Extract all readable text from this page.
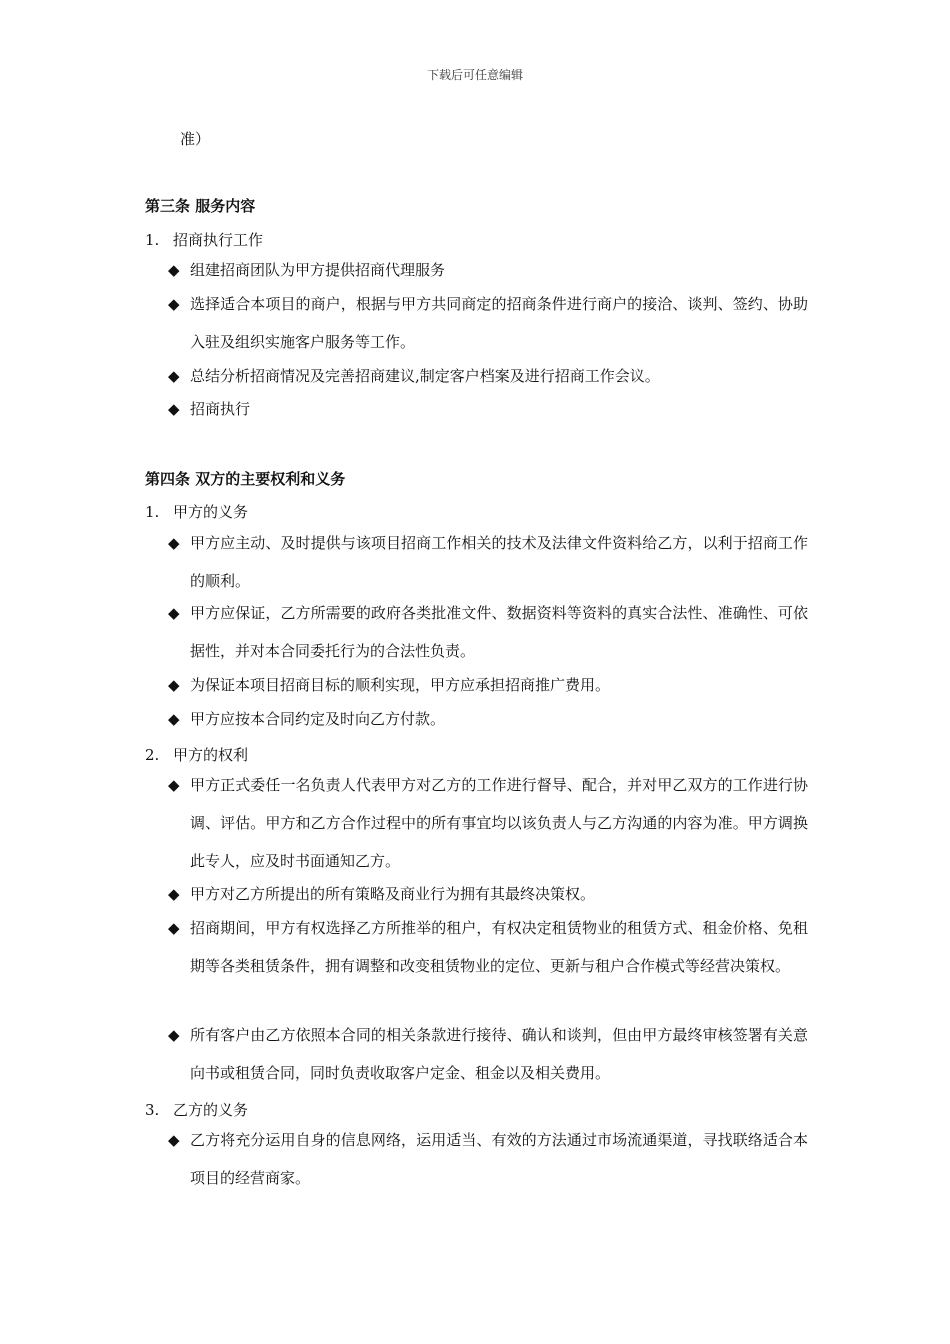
下载后可任意编辑
准）
第三条 服务内容
1. 招商执行工作
◆ 组建招商团队为甲方提供招商代理服务
◆ 选择适合本项目的商户，根据与甲方共同商定的招商条件进行商户的接洽、谈判、签约、协助入驻及组织实施客户服务等工作。
◆ 总结分析招商情况及完善招商建议,制定客户档案及进行招商工作会议。
◆ 招商执行
第四条 双方的主要权利和义务
1. 甲方的义务
◆ 甲方应主动、及时提供与该项目招商工作相关的技术及法律文件资料给乙方，以利于招商工作的顺利。
◆ 甲方应保证，乙方所需要的政府各类批准文件、数据资料等资料的真实合法性、准确性、可依据性，并对本合同委托行为的合法性负责。
◆ 为保证本项目招商目标的顺利实现，甲方应承担招商推广费用。
◆ 甲方应按本合同约定及时向乙方付款。
2. 甲方的权利
◆ 甲方正式委任一名负责人代表甲方对乙方的工作进行督导、配合，并对甲乙双方的工作进行协调、评估。甲方和乙方合作过程中的所有事宜均以该负责人与乙方沟通的内容为准。甲方调换此专人，应及时书面通知乙方。
◆ 甲方对乙方所提出的所有策略及商业行为拥有其最终决策权。
◆ 招商期间，甲方有权选择乙方所推举的租户，有权决定租赁物业的租赁方式、租金价格、免租期等各类租赁条件，拥有调整和改变租赁物业的定位、更新与租户合作模式等经营决策权。
◆ 所有客户由乙方依照本合同的相关条款进行接待、确认和谈判，但由甲方最终审核签署有关意向书或租赁合同，同时负责收取客户定金、租金以及相关费用。
3. 乙方的义务
◆ 乙方将充分运用自身的信息网络，运用适当、有效的方法通过市场流通渠道，寻找联络适合本项目的经营商家。
